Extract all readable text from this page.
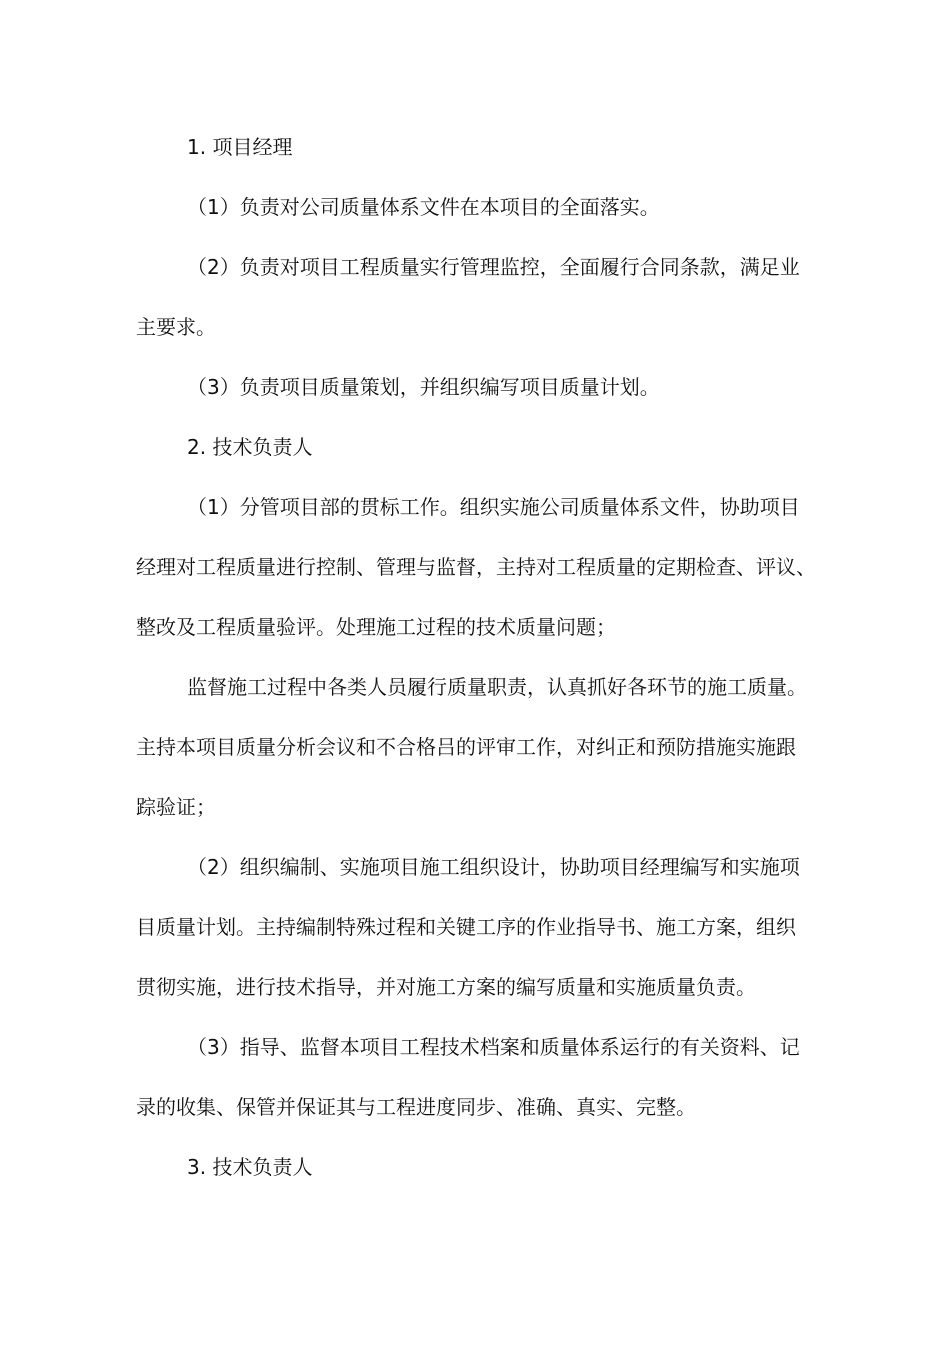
1. 项目经理
（1）负责对公司质量体系文件在本项目的全面落实。
（2）负责对项目工程质量实行管理监控，全面履行合同条款，满足业
主要求。
（3）负责项目质量策划，并组织编写项目质量计划。
2. 技术负责人
（1）分管项目部的贯标工作。组织实施公司质量体系文件，协助项目
经理对工程质量进行控制、管理与监督，主持对工程质量的定期检查、评议、
整改及工程质量验评。处理施工过程的技术质量问题；
监督施工过程中各类人员履行质量职责，认真抓好各环节的施工质量。
主持本项目质量分析会议和不合格吕的评审工作，对纠正和预防措施实施跟
踪验证；
（2）组织编制、实施项目施工组织设计，协助项目经理编写和实施项
目质量计划。主持编制特殊过程和关键工序的作业指导书、施工方案，组织
贯彻实施，进行技术指导，并对施工方案的编写质量和实施质量负责。
（3）指导、监督本项目工程技术档案和质量体系运行的有关资料、记
录的收集、保管并保证其与工程进度同步、准确、真实、完整。
3. 技术负责人
